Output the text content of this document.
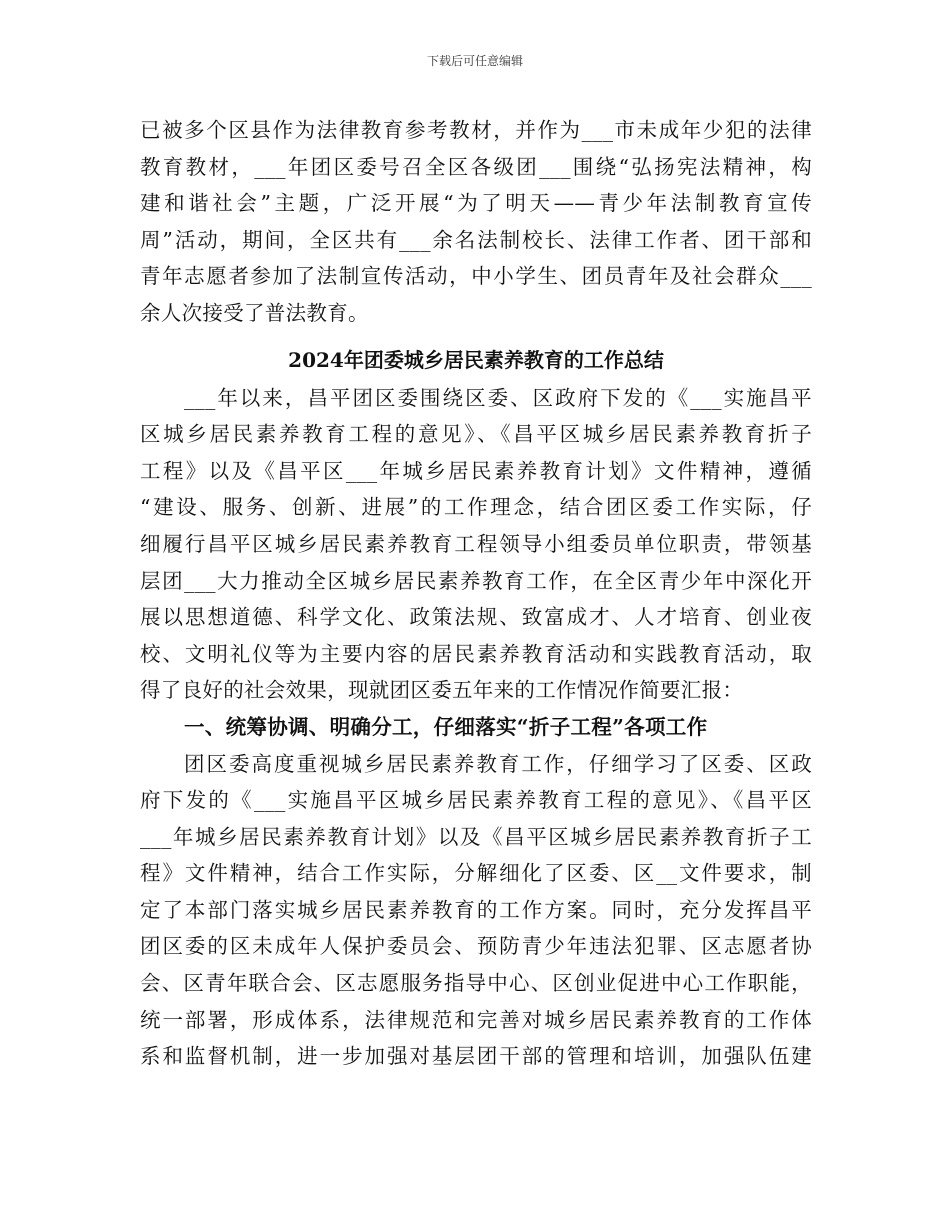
下载后可任意编辑
已被多个区县作为法律教育参考教材，并作为___市未成年少犯的法律
教育教材，___年团区委号召全区各级团___围绕“弘扬宪法精神，构
建和谐社会”主题，广泛开展“为了明天——青少年法制教育宣传
周”活动，期间，全区共有___余名法制校长、法律工作者、团干部和
青年志愿者参加了法制宣传活动，中小学生、团员青年及社会群众___
余人次接受了普法教育。
2024年团委城乡居民素养教育的工作总结
___年以来，昌平团区委围绕区委、区政府下发的《___实施昌平
区城乡居民素养教育工程的意见》、《昌平区城乡居民素养教育折子
工程》以及《昌平区___年城乡居民素养教育计划》文件精神，遵循
“建设、服务、创新、进展”的工作理念，结合团区委工作实际，仔
细履行昌平区城乡居民素养教育工程领导小组委员单位职责，带领基
层团___大力推动全区城乡居民素养教育工作，在全区青少年中深化开
展以思想道德、科学文化、政策法规、致富成才、人才培育、创业夜
校、文明礼仪等为主要内容的居民素养教育活动和实践教育活动，取
得了良好的社会效果，现就团区委五年来的工作情况作简要汇报：
一、统筹协调、明确分工，仔细落实“折子工程”各项工作
团区委高度重视城乡居民素养教育工作，仔细学习了区委、区政
府下发的《___实施昌平区城乡居民素养教育工程的意见》、《昌平区
___年城乡居民素养教育计划》以及《昌平区城乡居民素养教育折子工
程》文件精神，结合工作实际，分解细化了区委、区__文件要求，制
定了本部门落实城乡居民素养教育的工作方案。同时，充分发挥昌平
团区委的区未成年人保护委员会、预防青少年违法犯罪、区志愿者协
会、区青年联合会、区志愿服务指导中心、区创业促进中心工作职能，
统一部署，形成体系，法律规范和完善对城乡居民素养教育的工作体
系和监督机制，进一步加强对基层团干部的管理和培训，加强队伍建
